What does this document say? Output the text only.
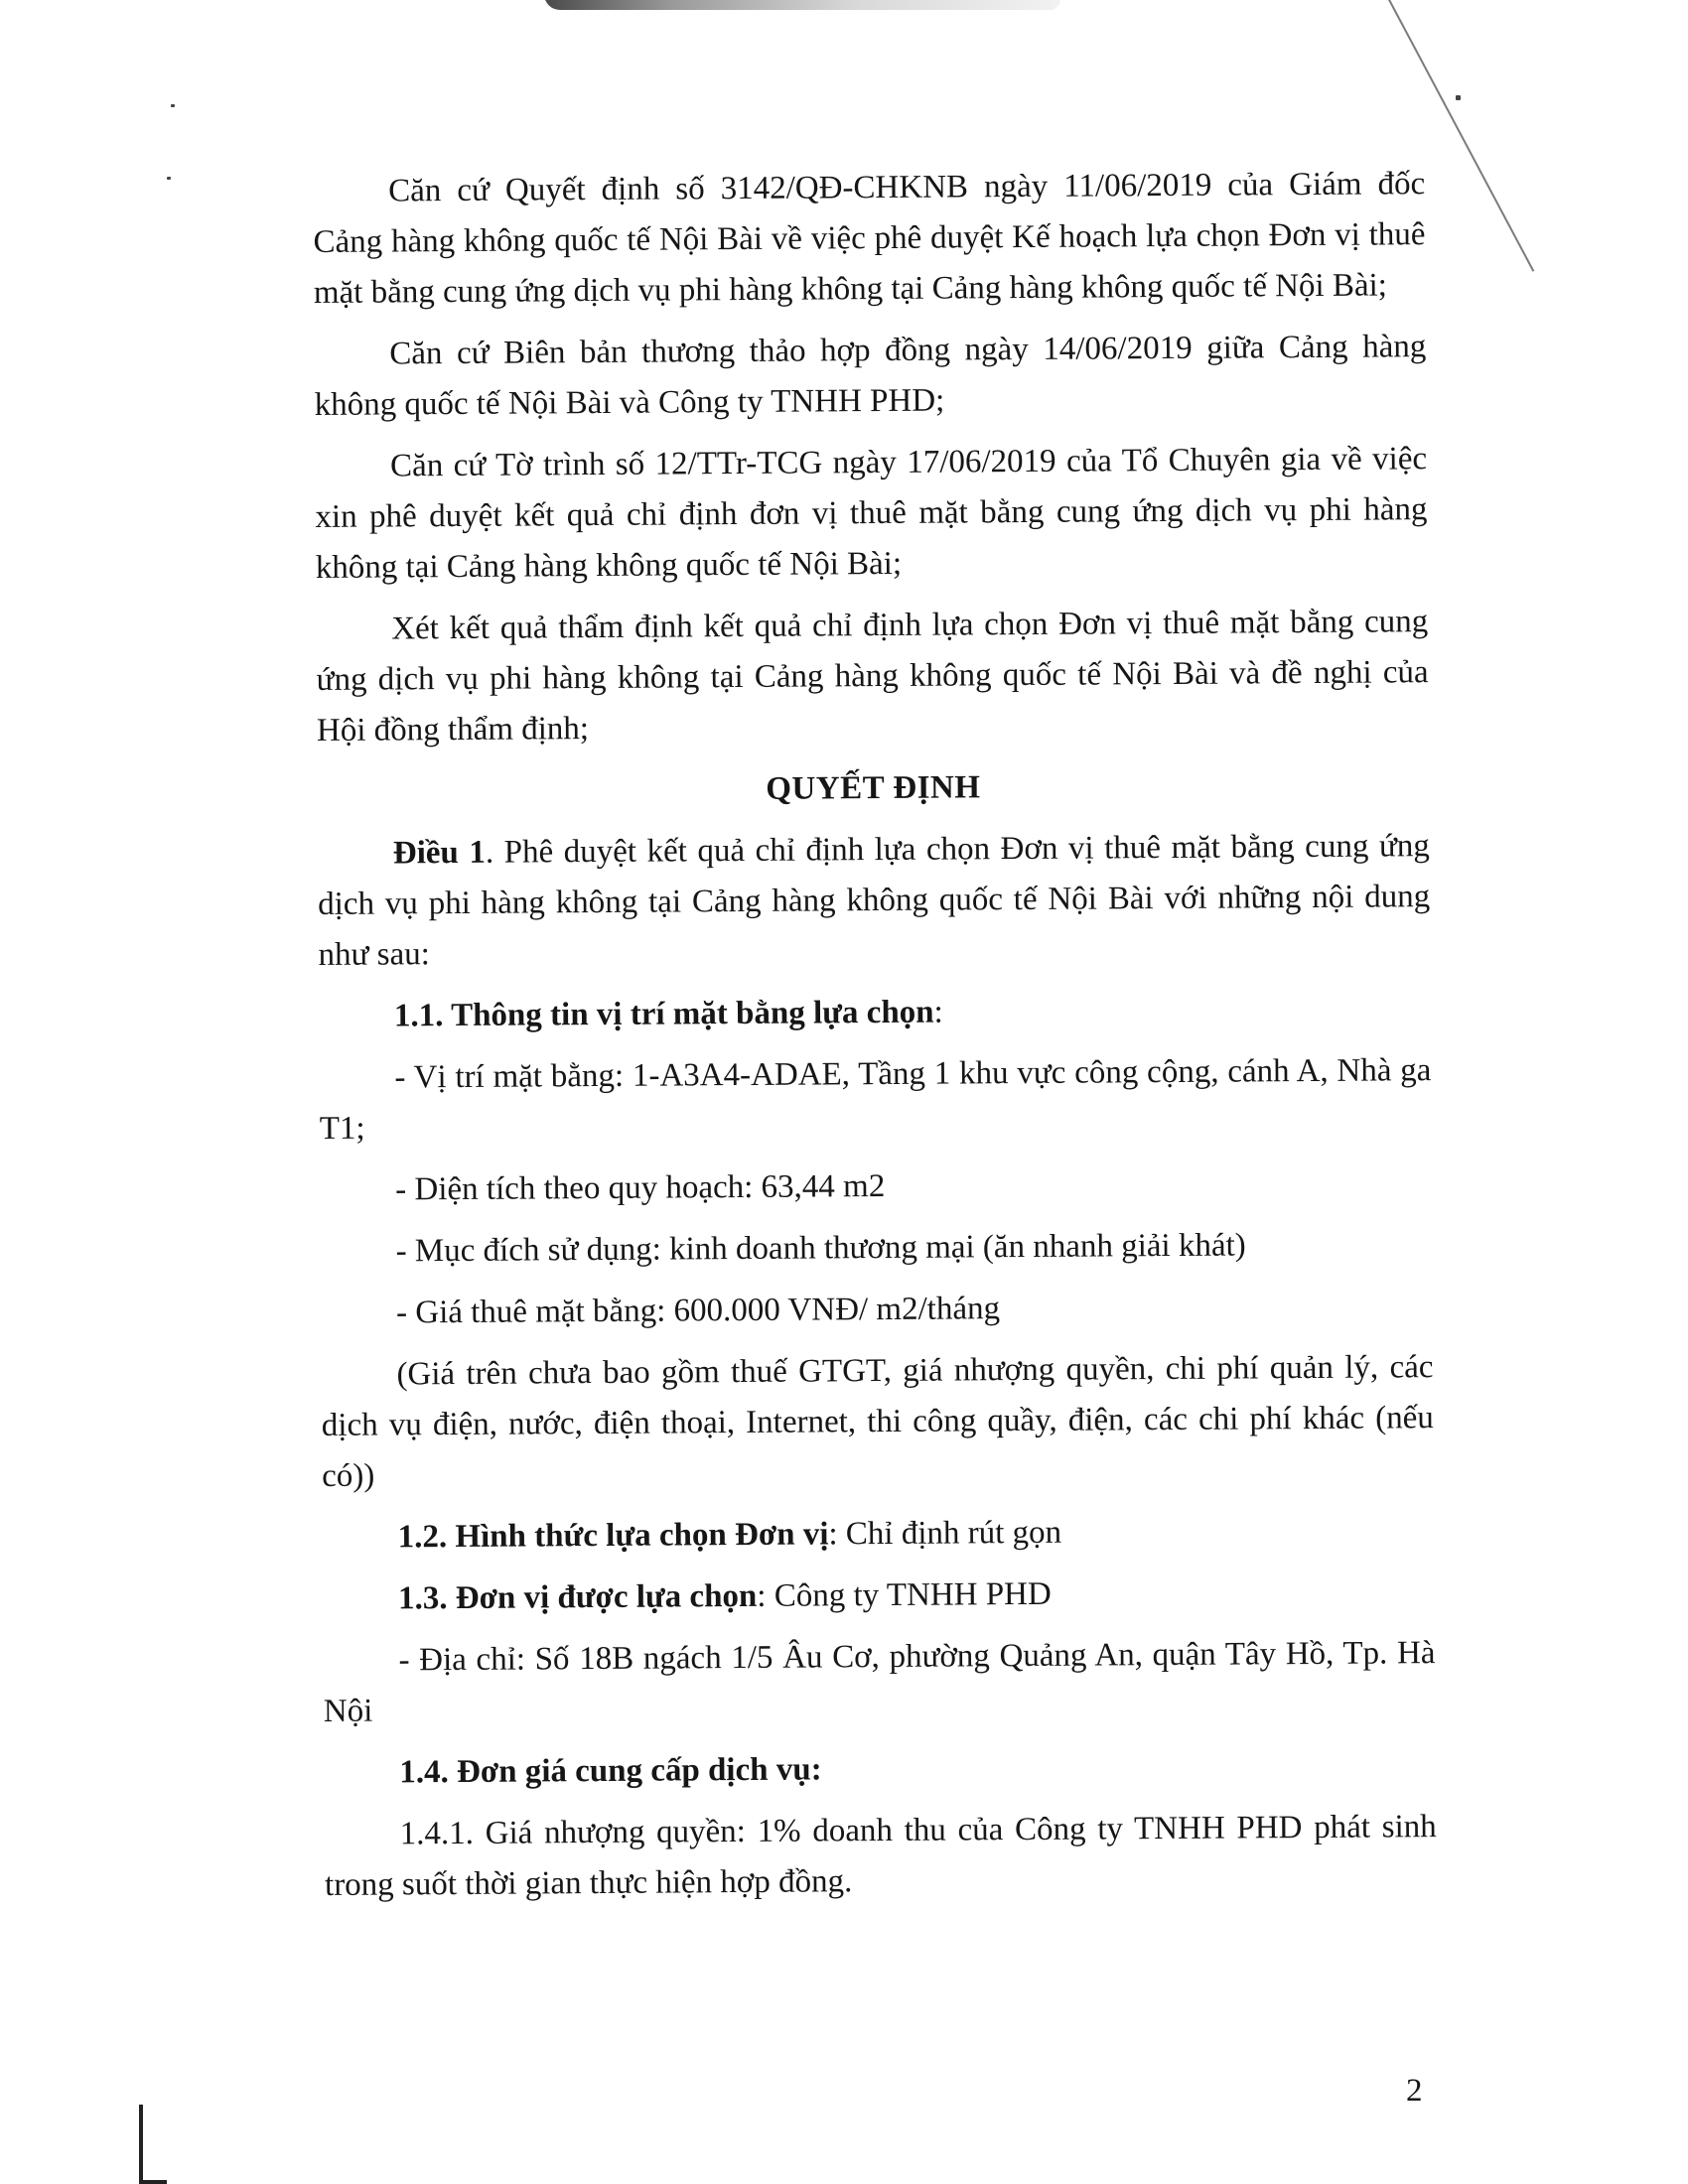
Căn cứ Quyết định số 3142/QĐ-CHKNB ngày 11/06/2019 của Giám đốc Cảng hàng không quốc tế Nội Bài về việc phê duyệt Kế hoạch lựa chọn Đơn vị thuê mặt bằng cung ứng dịch vụ phi hàng không tại Cảng hàng không quốc tế Nội Bài;

Căn cứ Biên bản thương thảo hợp đồng ngày 14/06/2019 giữa Cảng hàng không quốc tế Nội Bài và Công ty TNHH PHD;

Căn cứ Tờ trình số 12/TTr-TCG ngày 17/06/2019 của Tổ Chuyên gia về việc xin phê duyệt kết quả chỉ định đơn vị thuê mặt bằng cung ứng dịch vụ phi hàng không tại Cảng hàng không quốc tế Nội Bài;

Xét kết quả thẩm định kết quả chỉ định lựa chọn Đơn vị thuê mặt bằng cung ứng dịch vụ phi hàng không tại Cảng hàng không quốc tế Nội Bài và đề nghị của Hội đồng thẩm định;

QUYẾT ĐỊNH

Điều 1. Phê duyệt kết quả chỉ định lựa chọn Đơn vị thuê mặt bằng cung ứng dịch vụ phi hàng không tại Cảng hàng không quốc tế Nội Bài với những nội dung như sau:

1.1. Thông tin vị trí mặt bằng lựa chọn:

- Vị trí mặt bằng: 1-A3A4-ADAE, Tầng 1 khu vực công cộng, cánh A, Nhà ga T1;

- Diện tích theo quy hoạch: 63,44 m2

- Mục đích sử dụng: kinh doanh thương mại (ăn nhanh giải khát)

- Giá thuê mặt bằng: 600.000 VNĐ/ m2/tháng

(Giá trên chưa bao gồm thuế GTGT, giá nhượng quyền, chi phí quản lý, các dịch vụ điện, nước, điện thoại, Internet, thi công quầy, điện, các chi phí khác (nếu có))

1.2. Hình thức lựa chọn Đơn vị: Chỉ định rút gọn

1.3. Đơn vị được lựa chọn: Công ty TNHH PHD

- Địa chỉ: Số 18B ngách 1/5 Âu Cơ, phường Quảng An, quận Tây Hồ, Tp. Hà Nội

1.4. Đơn giá cung cấp dịch vụ:

1.4.1. Giá nhượng quyền: 1% doanh thu của Công ty TNHH PHD phát sinh trong suốt thời gian thực hiện hợp đồng.

2
